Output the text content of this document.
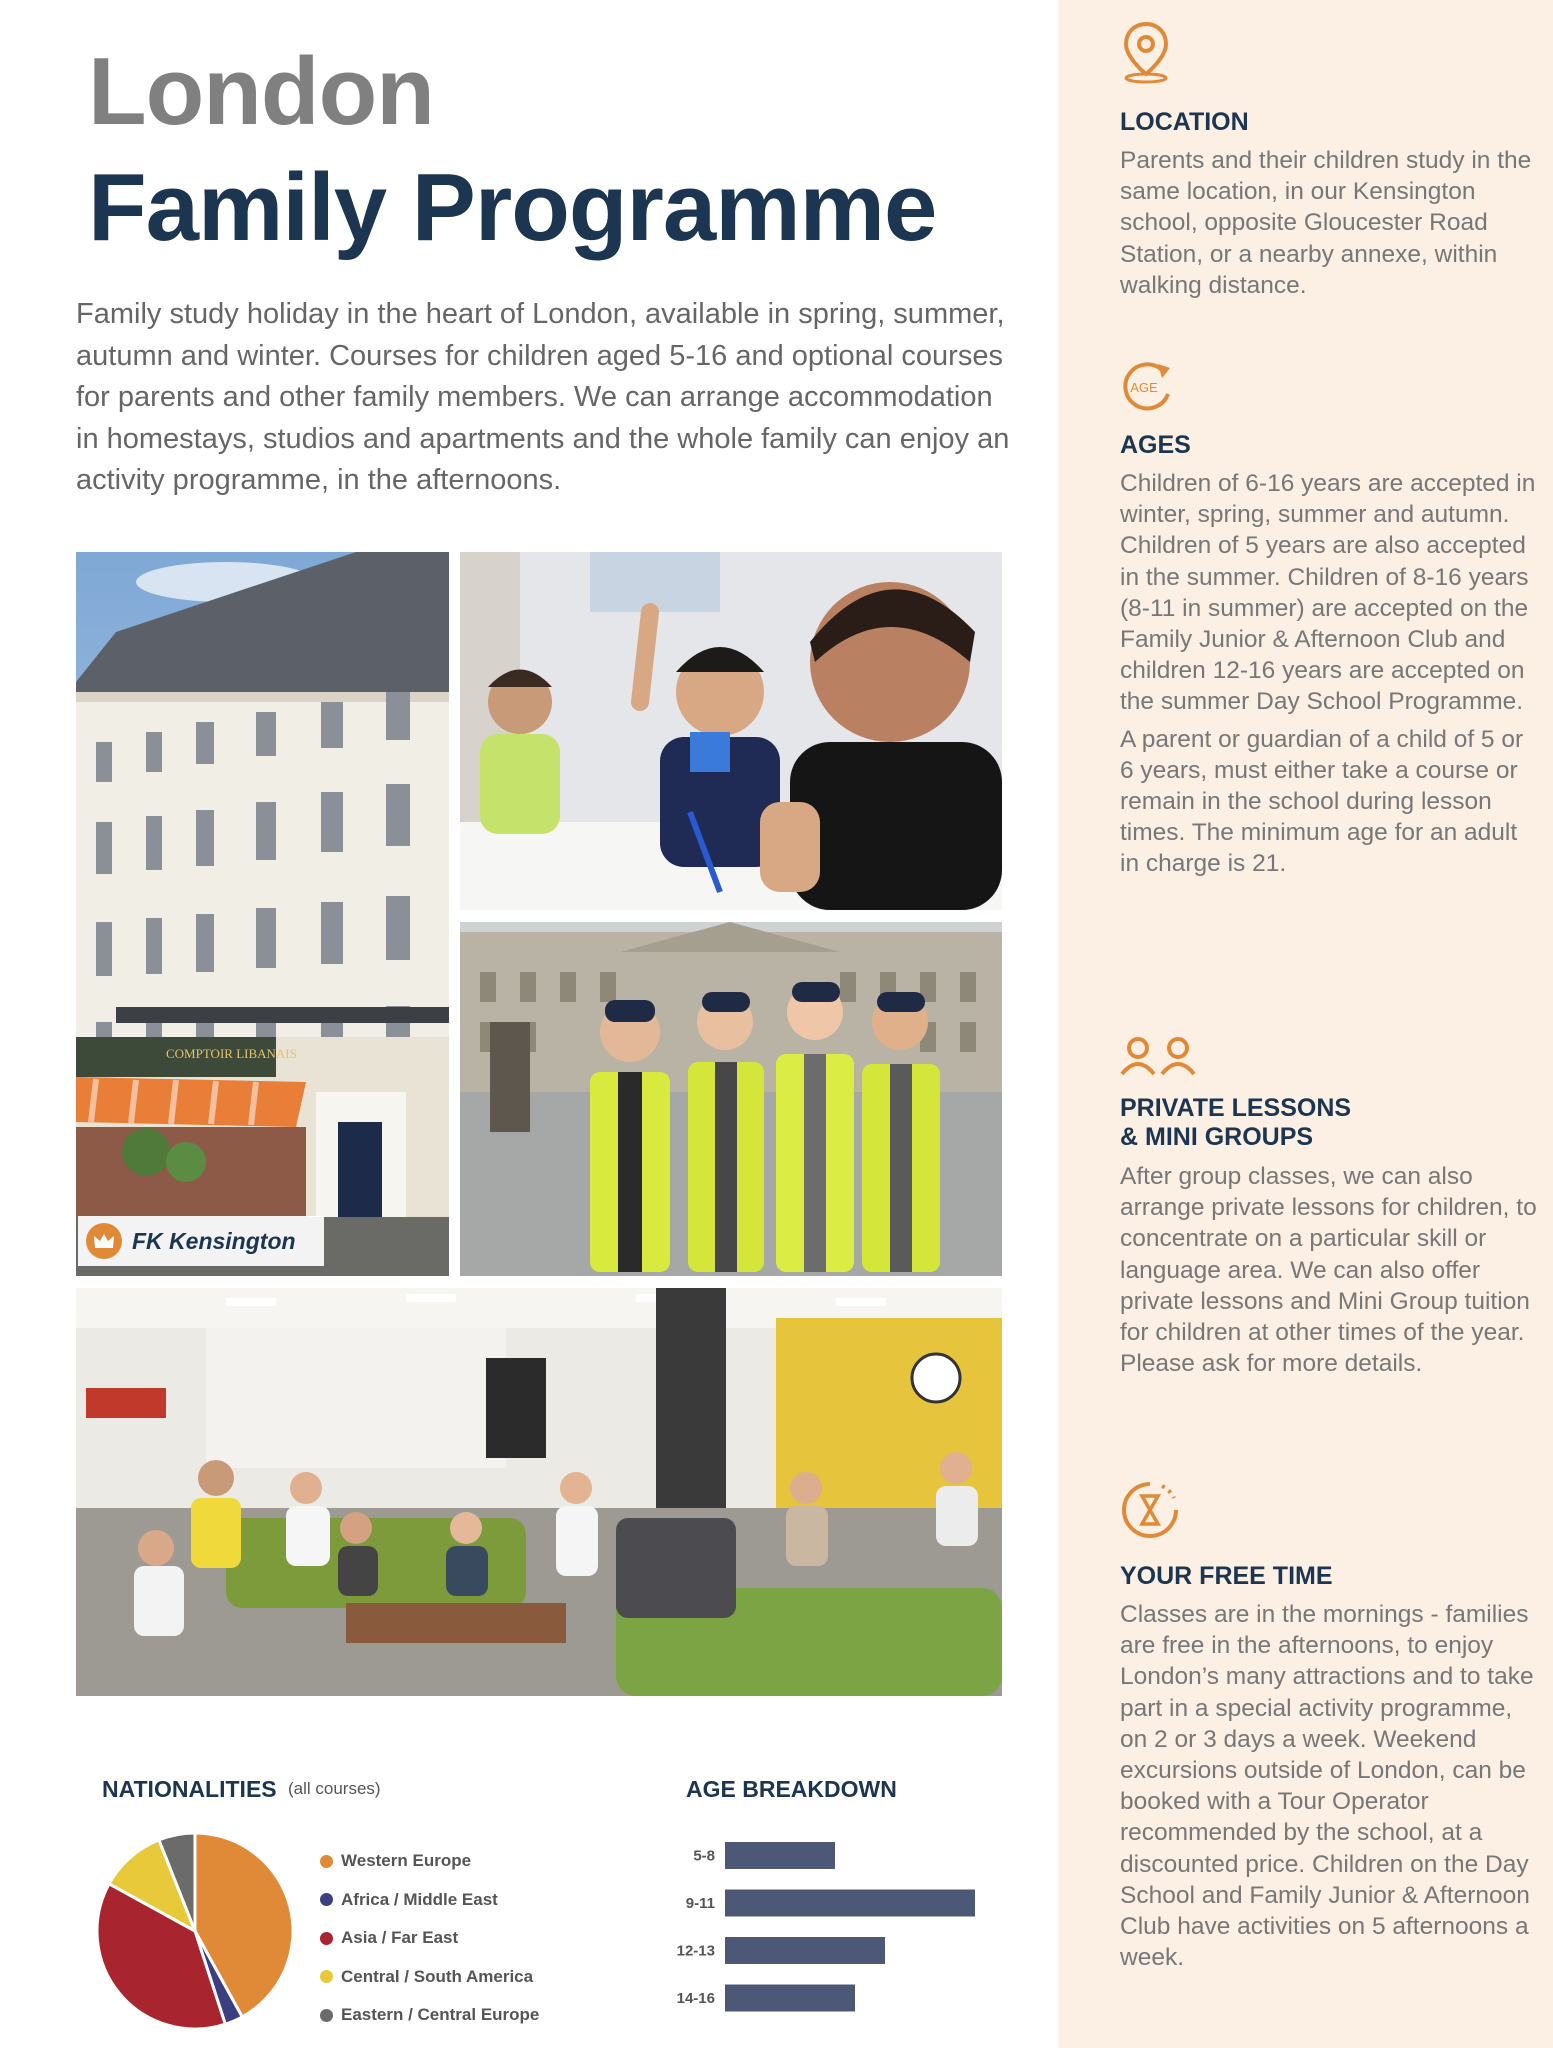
London
Family Programme

Family study holiday in the heart of London, available in spring, summer, autumn and winter. Courses for children aged 5-16 and optional courses for parents and other family members. We can arrange accommodation in homestays, studios and apartments and the whole family can enjoy an activity programme, in the afternoons.

COMPTOIR LIBANAIS
FK Kensington
NATIONALITIES (all courses)
Western Europe
Africa / Middle East
Asia / Far East
Central / South America
Eastern / Central Europe
AGE BREAKDOWN
5-8
9-11
12-13
14-16
LOCATION

Parents and their children study in the same location, in our Kensington school, opposite Gloucester Road Station, or a nearby annexe, within walking distance.

AGE
AGES

Children of 6-16 years are accepted in winter, spring, summer and autumn. Children of 5 years are also accepted in the summer. Children of 8-16 years (8-11 in summer) are accepted on the Family Junior & Afternoon Club and children 12-16 years are accepted on the summer Day School Programme.

A parent or guardian of a child of 5 or 6 years, must either take a course or remain in the school during lesson times. The minimum age for an adult in charge is 21.

PRIVATE LESSONS
& MINI GROUPS

After group classes, we can also arrange private lessons for children, to concentrate on a particular skill or language area. We can also offer private lessons and Mini Group tuition for children at other times of the year. Please ask for more details.

YOUR FREE TIME

Classes are in the mornings - families are free in the afternoons, to enjoy London’s many attractions and to take part in a special activity programme, on 2 or 3 days a week. Weekend excursions outside of London, can be booked with a Tour Operator recommended by the school, at a discounted price. Children on the Day School and Family Junior & Afternoon Club have activities on 5 afternoons a week.
